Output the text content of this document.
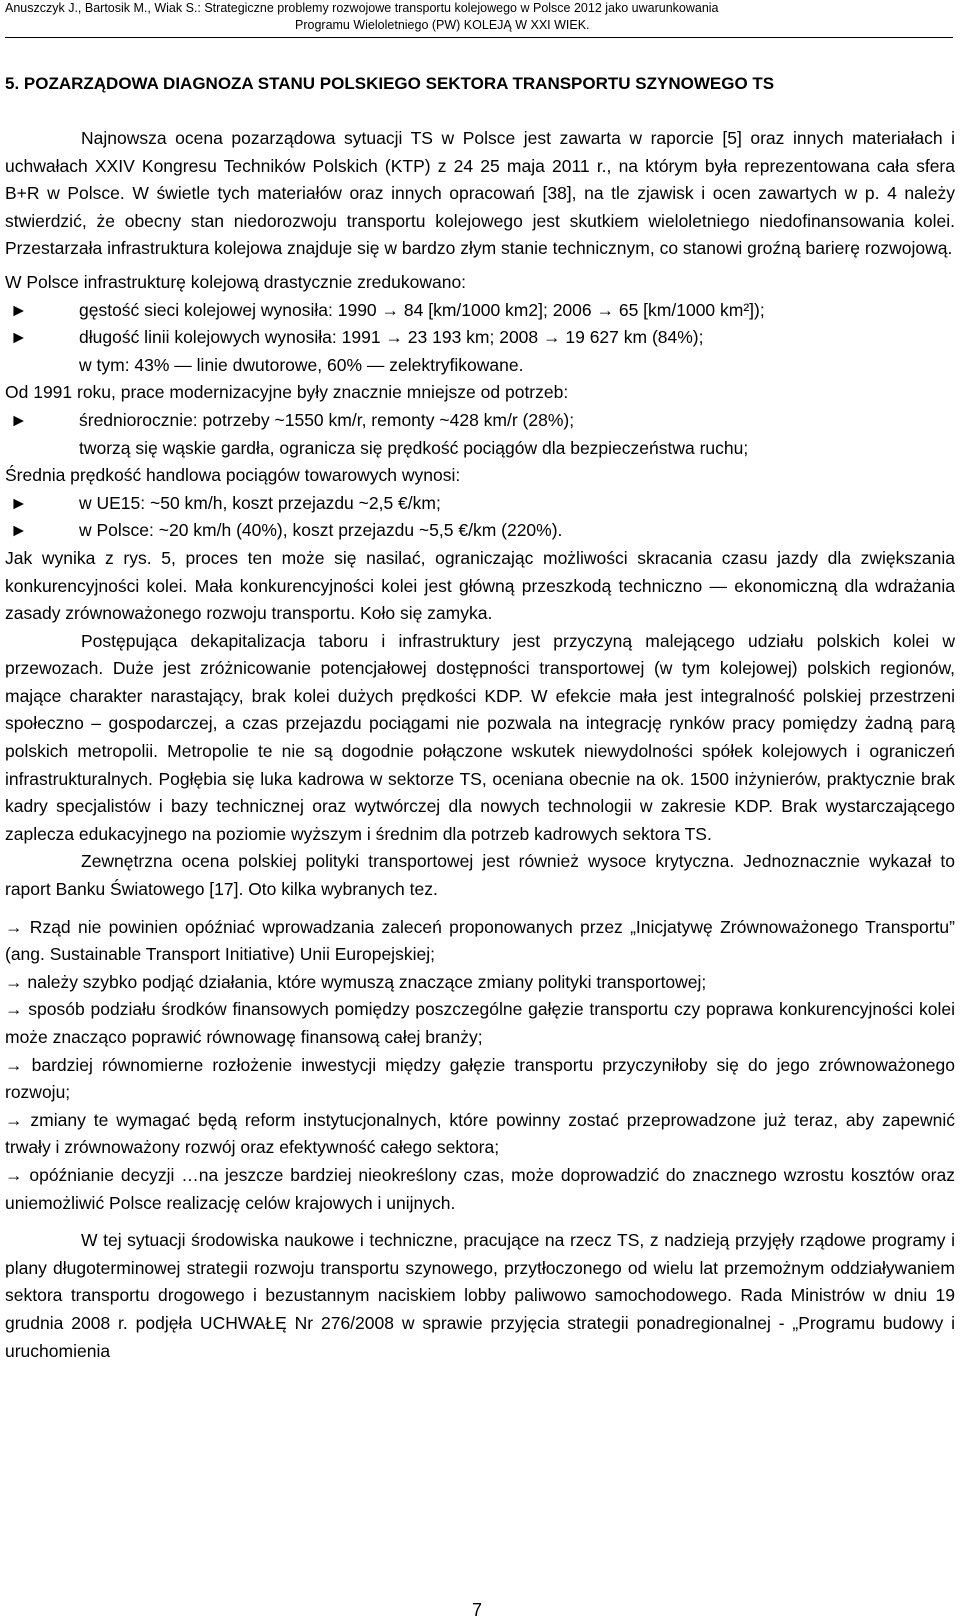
Anuszczyk J., Bartosik M., Wiak S.: Strategiczne problemy rozwojowe transportu kolejowego w Polsce 2012 jako uwarunkowania
Programu Wieloletniego (PW) KOLEJĄ W XXI WIEK.
5. POZARZĄDOWA DIAGNOZA STANU POLSKIEGO SEKTORA TRANSPORTU SZYNOWEGO TS

Najnowsza ocena pozarządowa sytuacji TS w Polsce jest zawarta w raporcie [5] oraz innych materiałach i uchwałach XXIV Kongresu Techników Polskich (KTP) z 24 25 maja 2011 r., na którym była reprezentowana cała sfera B+R w Polsce. W świetle tych materiałów oraz innych opracowań [38], na tle zjawisk i ocen zawartych w p. 4 należy stwierdzić, że obecny stan niedorozwoju transportu kolejowego jest skutkiem wieloletniego niedofinansowania kolei. Przestarzała infrastruktura kolejowa znajduje się w bardzo złym stanie technicznym, co stanowi groźną barierę rozwojową.

W Polsce infrastrukturę kolejową drastycznie zredukowano:

►	gęstość sieci kolejowej wynosiła: 1990 → 84 [km/1000 km2]; 2006 → 65 [km/1000 km²]);

►	długość linii kolejowych wynosiła: 1991 → 23 193 km; 2008 → 19 627 km (84%);

w tym: 43% — linie dwutorowe, 60% — zelektryfikowane.

Od 1991 roku, prace modernizacyjne były znacznie mniejsze od potrzeb:

►	średniorocznie: potrzeby ~1550 km/r, remonty ~428 km/r (28%);

tworzą się wąskie gardła, ogranicza się prędkość pociągów dla bezpieczeństwa ruchu;

Średnia prędkość handlowa pociągów towarowych wynosi:

►	w UE15: ~50 km/h, koszt przejazdu ~2,5 €/km;

►	w Polsce: ~20 km/h (40%), koszt przejazdu ~5,5 €/km (220%).

Jak wynika z rys. 5, proces ten może się nasilać, ograniczając możliwości skracania czasu jazdy dla zwiększania konkurencyjności kolei. Mała konkurencyjności kolei jest główną przeszkodą techniczno — ekonomiczną dla wdrażania zasady zrównoważonego rozwoju transportu. Koło się zamyka.

Postępująca dekapitalizacja taboru i infrastruktury jest przyczyną malejącego udziału polskich kolei w przewozach. Duże jest zróżnicowanie potencjałowej dostępności transportowej (w tym kolejowej) polskich regionów, mające charakter narastający, brak kolei dużych prędkości KDP. W efekcie mała jest integralność polskiej przestrzeni społeczno – gospodarczej, a czas przejazdu pociągami nie pozwala na integrację rynków pracy pomiędzy żadną parą polskich metropolii. Metropolie te nie są dogodnie połączone wskutek niewydolności spółek kolejowych i ograniczeń infrastrukturalnych. Pogłębia się luka kadrowa w sektorze TS, oceniana obecnie na ok. 1500 inżynierów, praktycznie brak kadry specjalistów i bazy technicznej oraz wytwórczej dla nowych technologii w zakresie KDP. Brak wystarczającego zaplecza edukacyjnego na poziomie wyższym i średnim dla potrzeb kadrowych sektora TS.

Zewnętrzna ocena polskiej polityki transportowej jest również wysoce krytyczna. Jednoznacznie wykazał to raport Banku Światowego [17]. Oto kilka wybranych tez.

→ Rząd nie powinien opóźniać wprowadzania zaleceń proponowanych przez „Inicjatywę Zrównoważonego Transportu” (ang. Sustainable Transport Initiative) Unii Europejskiej;

→ należy szybko podjąć działania, które wymuszą znaczące zmiany polityki transportowej;

→ sposób podziału środków finansowych pomiędzy poszczególne gałęzie transportu czy poprawa konkurencyjności kolei może znacząco poprawić równowagę finansową całej branży;

→ bardziej równomierne rozłożenie inwestycji między gałęzie transportu przyczyniłoby się do jego zrównoważonego rozwoju;

→ zmiany te wymagać będą reform instytucjonalnych, które powinny zostać przeprowadzone już teraz, aby zapewnić trwały i zrównoważony rozwój oraz efektywność całego sektora;

→ opóźnianie decyzji …na jeszcze bardziej nieokreślony czas, może doprowadzić do znacznego wzrostu kosztów oraz uniemożliwić Polsce realizację celów krajowych i unijnych.

W tej sytuacji środowiska naukowe i techniczne, pracujące na rzecz TS, z nadzieją przyjęły rządowe programy i plany długoterminowej strategii rozwoju transportu szynowego, przytłoczonego od wielu lat przemożnym oddziaływaniem sektora transportu drogowego i bezustannym naciskiem lobby paliwowo samochodowego. Rada Ministrów w dniu 19 grudnia 2008 r. podjęła UCHWAŁĘ Nr 276/2008 w sprawie przyjęcia strategii ponadregionalnej - „Programu budowy i uruchomienia

7
